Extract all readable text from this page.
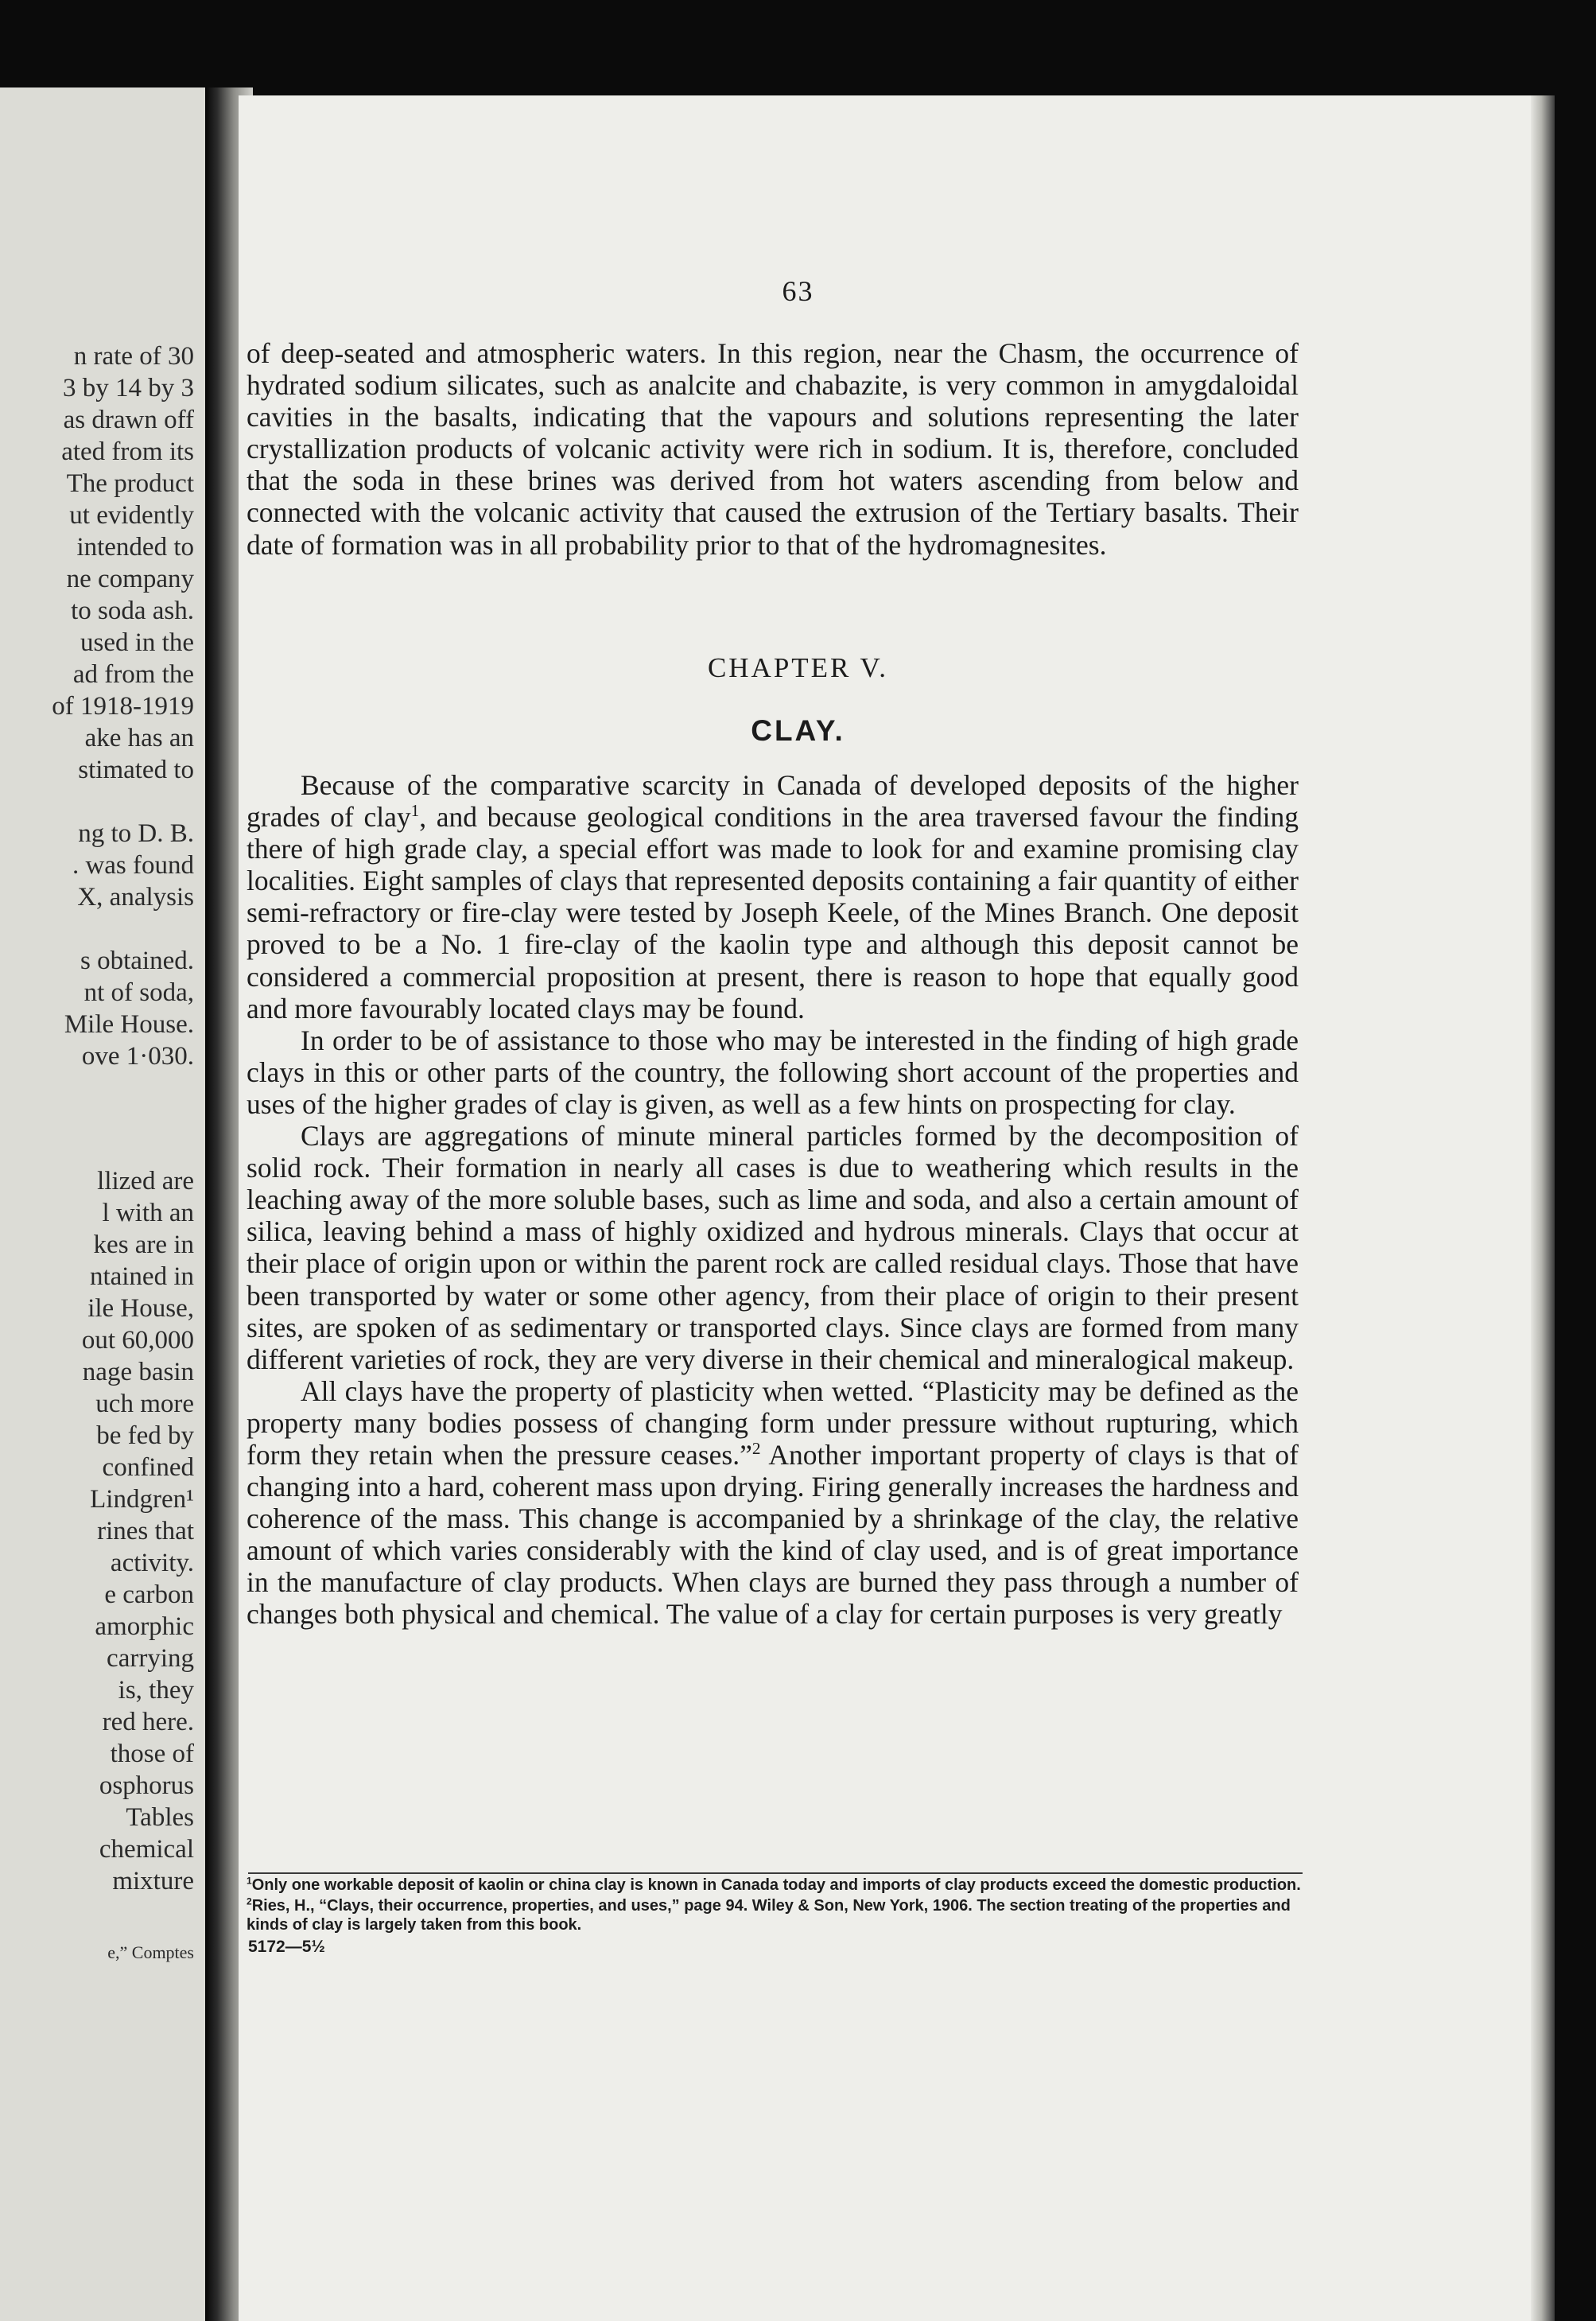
n rate of 30
3 by 14 by 3
as drawn off
ated from its
The product
ut evidently
intended to
ne company
to soda ash.
used in the
ad from the
of 1918-1919
ake has an
stimated to
ng to D. B.
. was found
X, analysis
s obtained.
nt of soda,
Mile House.
ove 1·030.
llized are
l with an
kes are in
ntained in
ile House,
out 60,000
nage basin
uch more
be fed by
confined
Lindgren¹
rines that
activity.
e carbon
amorphic
carrying
is, they
red here.
those of
osphorus
Tables
chemical
mixture
e,” Comptes
63

of deep-seated and atmospheric waters. In this region, near the Chasm, the occurrence of hydrated sodium silicates, such as analcite and chabazite, is very common in amygdaloidal cavities in the basalts, indicating that the vapours and solutions representing the later crystallization products of volcanic activity were rich in sodium. It is, therefore, concluded that the soda in these brines was derived from hot waters ascending from below and connected with the volcanic activity that caused the extrusion of the Tertiary basalts. Their date of formation was in all probability prior to that of the hydromagnesites.

CHAPTER V.
CLAY.

Because of the comparative scarcity in Canada of developed deposits of the higher grades of clay$^1$, and because geological conditions in the area traversed favour the finding there of high grade clay, a special effort was made to look for and examine promising clay localities. Eight samples of clays that represented deposits containing a fair quantity of either semi-refractory or fire-clay were tested by Joseph Keele, of the Mines Branch. One deposit proved to be a No. 1 fire-clay of the kaolin type and although this deposit cannot be considered a commercial proposition at present, there is reason to hope that equally good and more favourably located clays may be found.

In order to be of assistance to those who may be interested in the finding of high grade clays in this or other parts of the country, the following short account of the properties and uses of the higher grades of clay is given, as well as a few hints on prospecting for clay.

Clays are aggregations of minute mineral particles formed by the decomposition of solid rock. Their formation in nearly all cases is due to weathering which results in the leaching away of the more soluble bases, such as lime and soda, and also a certain amount of silica, leaving behind a mass of highly oxidized and hydrous minerals. Clays that occur at their place of origin upon or within the parent rock are called residual clays. Those that have been transported by water or some other agency, from their place of origin to their present sites, are spoken of as sedimentary or transported clays. Since clays are formed from many different varieties of rock, they are very diverse in their chemical and mineralogical makeup.

All clays have the property of plasticity when wetted. “Plasticity may be defined as the property many bodies possess of changing form under pressure without rupturing, which form they retain when the pressure ceases.”$^2$ Another important property of clays is that of changing into a hard, coherent mass upon drying. Firing generally increases the hardness and coherence of the mass. This change is accompanied by a shrinkage of the clay, the relative amount of which varies considerably with the kind of clay used, and is of great importance in the manufacture of clay products. When clays are burned they pass through a number of changes both physical and chemical. The value of a clay for certain purposes is very greatly

$^1$Only one workable deposit of kaolin or china clay is known in Canada today and imports of clay products exceed the domestic production.

$^2$Ries, H., “Clays, their occurrence, properties, and uses,” page 94. Wiley & Son, New York, 1906. The section treating of the properties and kinds of clay is largely taken from this book.

5172—5½
